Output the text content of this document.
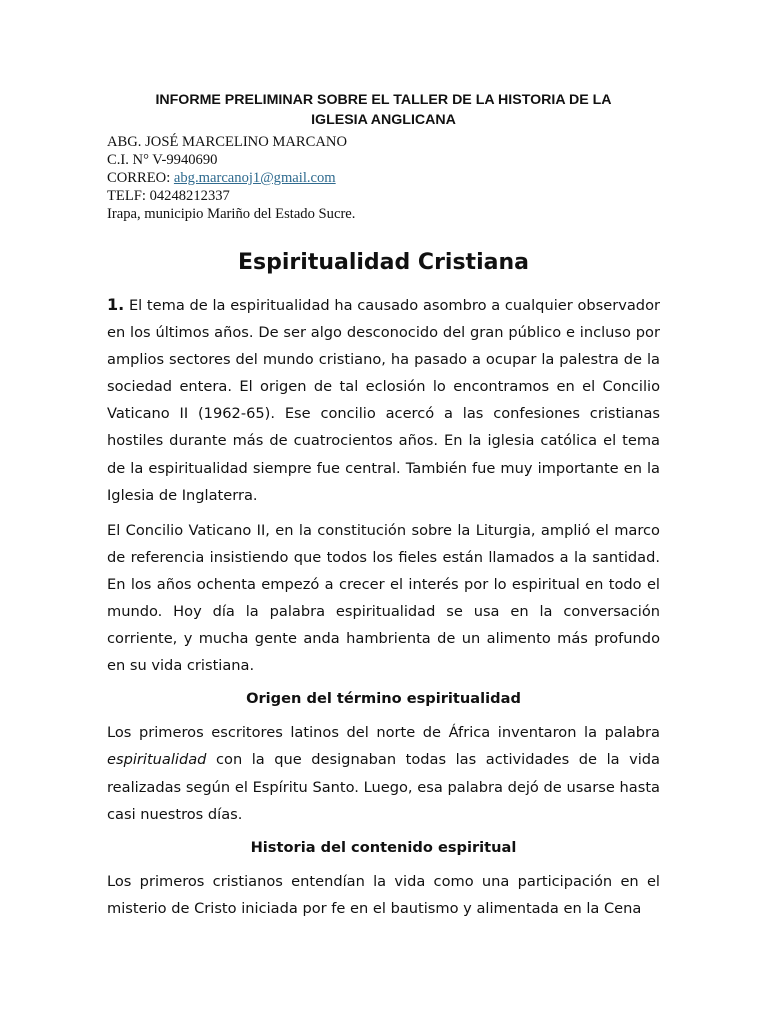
INFORME PRELIMINAR SOBRE EL TALLER DE LA HISTORIA DE LA
IGLESIA ANGLICANA
ABG. JOSÉ MARCELINO MARCANO
C.I. N° V-9940690
CORREO: abg.marcanoj1@gmail.com
TELF: 04248212337
Irapa, municipio Mariño del Estado Sucre.
Espiritualidad Cristiana

1. El tema de la espiritualidad ha causado asombro a cualquier observador en los últimos años. De ser algo desconocido del gran público e incluso por amplios sectores del mundo cristiano, ha pasado a ocupar la palestra de la sociedad entera. El origen de tal eclosión lo encontramos en el Concilio Vaticano II (1962-65). Ese concilio acercó a las confesiones cristianas hostiles durante más de cuatrocientos años. En la iglesia católica el tema de la espiritualidad siempre fue central. También fue muy importante en la Iglesia de Inglaterra.

El Concilio Vaticano II, en la constitución sobre la Liturgia, amplió el marco de referencia insistiendo que todos los fieles están llamados a la santidad. En los años ochenta empezó a crecer el interés por lo espiritual en todo el mundo. Hoy día la palabra espiritualidad se usa en la conversación corriente, y mucha gente anda hambrienta de un alimento más profundo en su vida cristiana.

Origen del término espiritualidad

Los primeros escritores latinos del norte de África inventaron la palabra espiritualidad con la que designaban todas las actividades de la vida realizadas según el Espíritu Santo. Luego, esa palabra dejó de usarse hasta casi nuestros días.

Historia del contenido espiritual

Los primeros cristianos entendían la vida como una participación en el misterio de Cristo iniciada por fe en el bautismo y alimentada en la Cena
